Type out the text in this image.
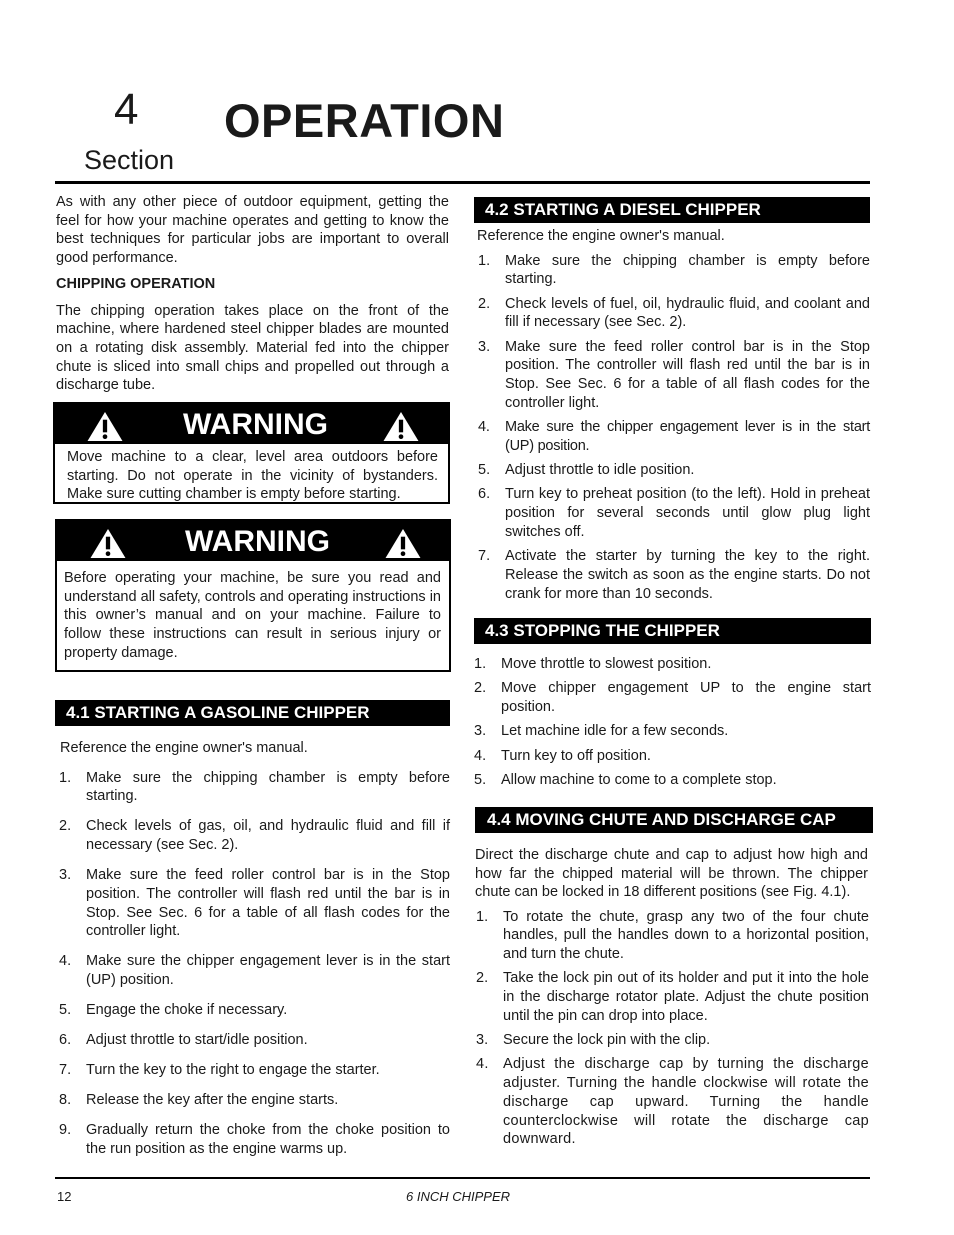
4
Section
OPERATION

As with any other piece of outdoor equipment, getting the feel for how your machine operates and getting to know the best techniques for particular jobs are important to overall good performance.

CHIPPING OPERATION

The chipping operation takes place on the front of the machine, where hardened steel chipper blades are mounted on a rotating disk assembly. Material fed into the chipper chute is sliced into small chips and propelled out through a discharge tube.

WARNING

Move machine to a clear, level area outdoors before starting. Do not operate in the vicinity of bystanders. Make sure cutting chamber is empty before starting.

WARNING

Before operating your machine, be sure you read and understand all safety, controls and operating instructions in this owner’s manual and on your machine. Failure to follow these instructions can result in serious injury or property damage.

4.1 STARTING A GASOLINE CHIPPER

Reference the engine owner's manual.

1. Make sure the chipping chamber is empty before starting.
2. Check levels of gas, oil, and hydraulic fluid and fill if necessary (see Sec. 2).
3. Make sure the feed roller control bar is in the Stop position. The controller will flash red until the bar is in Stop. See Sec. 6 for a table of all flash codes for the controller light.
4. Make sure the chipper engagement lever is in the start (UP) position.
5. Engage the choke if necessary.
6. Adjust throttle to start/idle position.
7. Turn the key to the right to engage the starter.
8. Release the key after the engine starts.
9. Gradually return the choke from the choke position to the run position as the engine warms up.
4.2 STARTING A DIESEL CHIPPER

Reference the engine owner's manual.

1. Make sure the chipping chamber is empty before starting.
2. Check levels of fuel, oil, hydraulic fluid, and coolant and fill if necessary (see Sec. 2).
3. Make sure the feed roller control bar is in the Stop position. The controller will flash red until the bar is in Stop. See Sec. 6 for a table of all flash codes for the controller light.
4. Make sure the chipper engagement lever is in the start (UP) position.
5. Adjust throttle to idle position.
6. Turn key to preheat position (to the left). Hold in preheat position for several seconds until glow plug light switches off.
7. Activate the starter by turning the key to the right. Release the switch as soon as the engine starts. Do not crank for more than 10 seconds.
4.3 STOPPING THE CHIPPER
1. Move throttle to slowest position.
2. Move chipper engagement UP to the engine start position.
3. Let machine idle for a few seconds.
4. Turn key to off position.
5. Allow machine to come to a complete stop.
4.4 MOVING CHUTE AND DISCHARGE CAP

Direct the discharge chute and cap to adjust how high and how far the chipped material will be thrown. The chipper chute can be locked in 18 different positions (see Fig. 4.1).

1. To rotate the chute, grasp any two of the four chute handles, pull the handles down to a horizontal position, and turn the chute.
2. Take the lock pin out of its holder and put it into the hole in the discharge rotator plate. Adjust the chute position until the pin can drop into place.
3. Secure the lock pin with the clip.
4. Adjust the discharge cap by turning the discharge adjuster. Turning the handle clockwise will rotate the discharge cap upward. Turning the handle counterclockwise will rotate the discharge cap downward.
12	6 INCH CHIPPER
